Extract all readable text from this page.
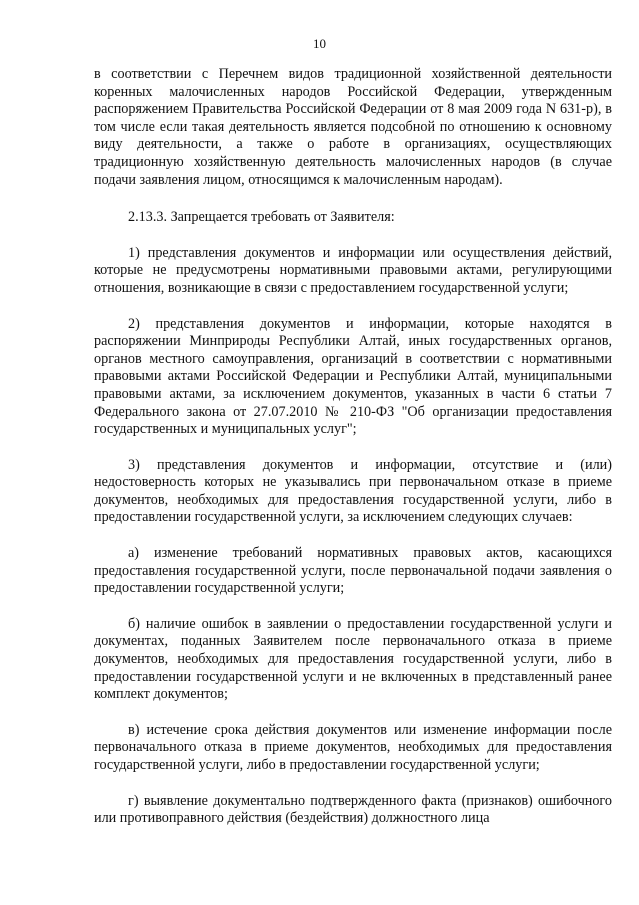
10

в соответствии с Перечнем видов традиционной хозяйственной деятельности коренных малочисленных народов Российской Федерации, утвержденным распоряжением Правительства Российской Федерации от 8 мая 2009 года N 631-р), в том числе если такая деятельность является подсобной по отношению к основному виду деятельности, а также о работе в организациях, осуществляющих традиционную хозяйственную деятельность малочисленных народов (в случае подачи заявления лицом, относящимся к малочисленным народам).

2.13.3. Запрещается требовать от Заявителя:

1) представления документов и информации или осуществления действий, которые не предусмотрены нормативными правовыми актами, регулирующими отношения, возникающие в связи с предоставлением государственной услуги;

2) представления документов и информации, которые находятся в распоряжении Минприроды Республики Алтай, иных государственных органов, органов местного самоуправления, организаций в соответствии с нормативными правовыми актами Российской Федерации и Республики Алтай, муниципальными правовыми актами, за исключением документов, указанных в части 6 статьи 7 Федерального закона от 27.07.2010 № 210-ФЗ "Об организации предоставления государственных и муниципальных услуг";

3) представления документов и информации, отсутствие и (или) недостоверность которых не указывались при первоначальном отказе в приеме документов, необходимых для предоставления государственной услуги, либо в предоставлении государственной услуги, за исключением следующих случаев:

а) изменение требований нормативных правовых актов, касающихся предоставления государственной услуги, после первоначальной подачи заявления о предоставлении государственной услуги;

б) наличие ошибок в заявлении о предоставлении государственной услуги и документах, поданных Заявителем после первоначального отказа в приеме документов, необходимых для предоставления государственной услуги, либо в предоставлении государственной услуги и не включенных в представленный ранее комплект документов;

в) истечение срока действия документов или изменение информации после первоначального отказа в приеме документов, необходимых для предоставления государственной услуги, либо в предоставлении государственной услуги;

г) выявление документально подтвержденного факта (признаков) ошибочного или противоправного действия (бездействия) должностного лица
